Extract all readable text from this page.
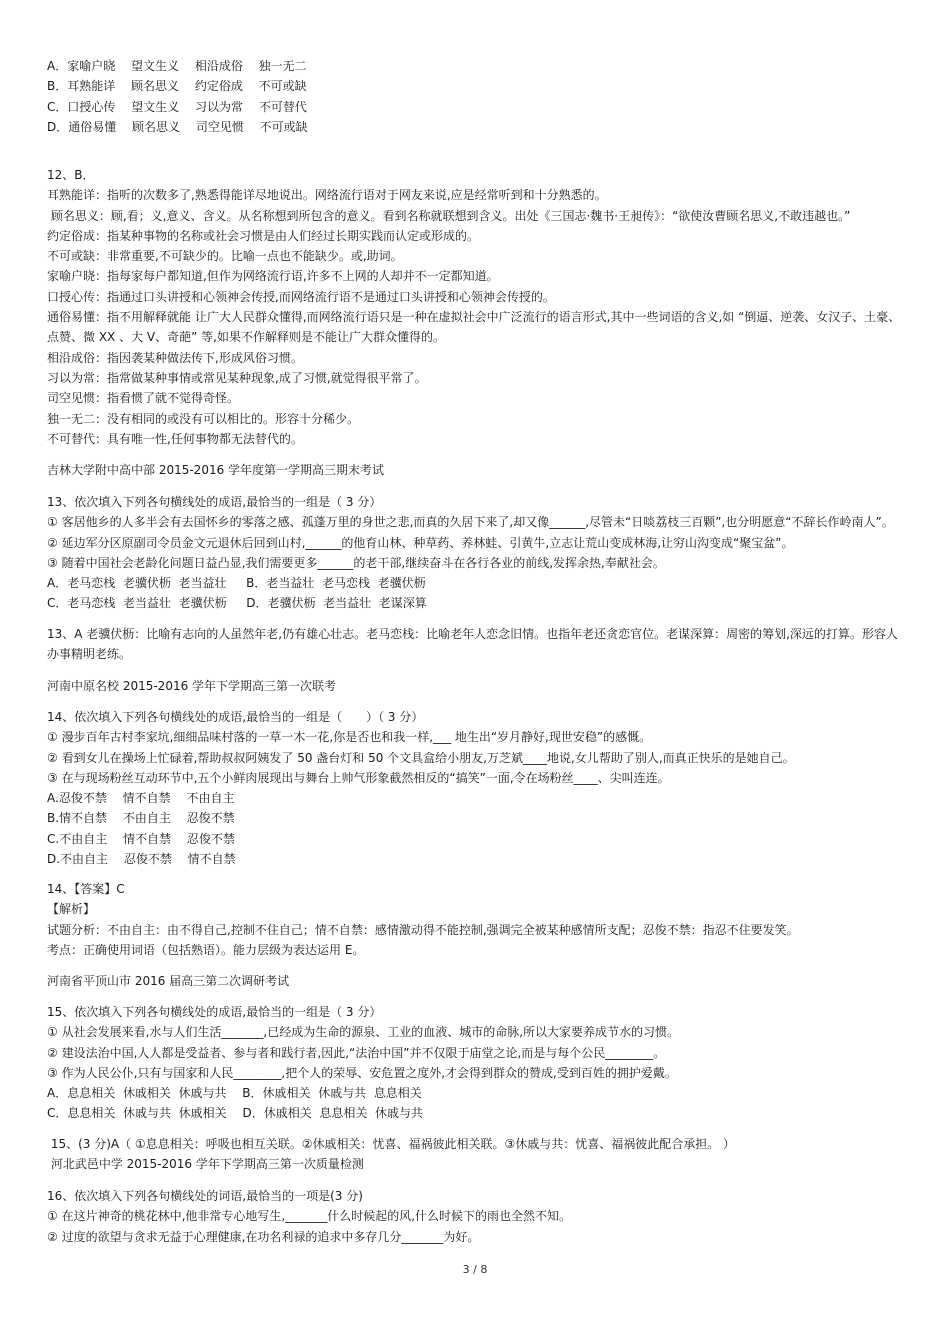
A．家喻户晓　 望文生义　 相沿成俗　 独一无二
B．耳熟能详　 顾名思义　 约定俗成　 不可或缺
C．口授心传　 望文生义　 习以为常　 不可替代
D．通俗易懂　 顾名思义　 司空见惯　 不可或缺
12、B．
耳熟能详：指听的次数多了,熟悉得能详尽地说出。网络流行语对于网友来说,应是经常听到和十分熟悉的。
顾名思义：顾,看；义,意义、含义。从名称想到所包含的意义。看到名称就联想到含义。出处《三国志·魏书·王昶传》：“欲使汝曹顾名思义,不敢违越也。”
约定俗成：指某种事物的名称或社会习惯是由人们经过长期实践而认定或形成的。
不可或缺：非常重要,不可缺少的。比喻一点也不能缺少。或,助词。
家喻户晓：指每家每户都知道,但作为网络流行语,许多不上网的人却并不一定都知道。
口授心传：指通过口头讲授和心领神会传授,而网络流行语不是通过口头讲授和心领神会传授的。
通俗易懂：指不用解释就能 让广大人民群众懂得,而网络流行语只是一种在虚拟社会中广泛流行的语言形式,其中一些词语的含义,如 “倒逼、逆袭、女汉子、土豪、点赞、微 XX 、大 V、奇葩” 等,如果不作解释则是不能让广大群众懂得的。
相沿成俗：指因袭某种做法传下,形成风俗习惯。
习以为常：指常做某种事情或常见某种现象,成了习惯,就觉得很平常了。
司空见惯：指看惯了就不觉得奇怪。
独一无二：没有相同的或没有可以相比的。形容十分稀少。
不可替代：具有唯一性,任何事物都无法替代的。
吉林大学附中高中部 2015-2016 学年度第一学期高三期末考试
13、依次填入下列各句横线处的成语,最恰当的一组是（ 3 分）
① 客居他乡的人多半会有去国怀乡的零落之感、孤蓬万里的身世之悲,而真的久居下来了,却又像______,尽管未“日啖荔枝三百颗”,也分明愿意“不辞长作岭南人”。
② 延边军分区原副司令员金文元退休后回到山村,______的他育山林、种草药、养林蛙、引黄牛,立志让荒山变成林海,让穷山沟变成“聚宝盆”。
③ 随着中国社会老龄化问题日益凸显,我们需要更多______的老干部,继续奋斗在各行各业的前线,发挥余热,奉献社会。
A．老马恋栈  老骥伏枥  老当益壮　  B．老当益壮  老马恋栈  老骥伏枥
C．老马恋栈  老当益壮  老骥伏枥　  D．老骥伏枥  老当益壮  老谋深算
13、A 老骥伏枥：比喻有志向的人虽然年老,仍有雄心壮志。老马恋栈：比喻老年人恋念旧情。也指年老还贪恋官位。老谋深算：周密的筹划,深远的打算。形容人办事精明老练。
河南中原名校 2015-2016 学年下学期高三第一次联考
14、依次填入下列各句横线处的成语,最恰当的一组是（　　）（ 3 分）
① 漫步百年古村李家坑,细细品味村落的一草一木一花,你是否也和我一样,___ 地生出“岁月静好,现世安稳”的感慨。
② 看到女儿在操场上忙碌着,帮助叔叔阿姨发了 50 盏台灯和 50 个文具盒给小朋友,万芝斌____地说,女儿帮助了别人,而真正快乐的是她自己。
③ 在与现场粉丝互动环节中,五个小鲜肉展现出与舞台上帅气形象截然相反的“搞笑”一面,令在场粉丝____、尖叫连连。
A.忍俊不禁　 情不自禁　 不由自主
B.情不自禁　 不由自主　 忍俊不禁
C.不由自主　 情不自禁　 忍俊不禁
D.不由自主　 忍俊不禁　 情不自禁
14、【答案】C
【解析】
试题分析：不由自主：由不得自己,控制不住自己；情不自禁：感情激动得不能控制,强调完全被某种感情所支配；忍俊不禁：指忍不住要发笑。
考点：正确使用词语（包括熟语）。能力层级为表达运用 E。
河南省平顶山市 2016 届高三第二次调研考试
15、依次填入下列各句横线处的成语,最恰当的一组是（ 3 分）
① 从社会发展来看,水与人们生活_______,已经成为生命的源泉、工业的血液、城市的命脉,所以大家要养成节水的习惯。
② 建设法治中国,人人都是受益者、参与者和践行者,因此,“法治中国”并不仅限于庙堂之论,而是与每个公民________。
③ 作为人民公仆,只有与国家和人民________,把个人的荣辱、安危置之度外,才会得到群众的赞成,受到百姓的拥护爱戴。
A．息息相关  休戚相关  休戚与共　 B．休戚相关  休戚与共  息息相关
C．息息相关  休戚与共  休戚相关　 D．休戚相关  息息相关  休戚与共
15、(3 分)A（ ①息息相关：呼吸也相互关联。②休戚相关：忧喜、福祸彼此相关联。③休戚与共：忧喜、福祸彼此配合承担。 ）
河北武邑中学 2015-2016 学年下学期高三第一次质量检测
16、依次填入下列各句横线处的词语,最恰当的一项是(3 分)
① 在这片神奇的桃花林中,他非常专心地写生,_______什么时候起的风,什么时候下的雨也全然不知。
② 过度的欲望与贪求无益于心理健康,在功名利禄的追求中多存几分_______为好。
3 / 8
